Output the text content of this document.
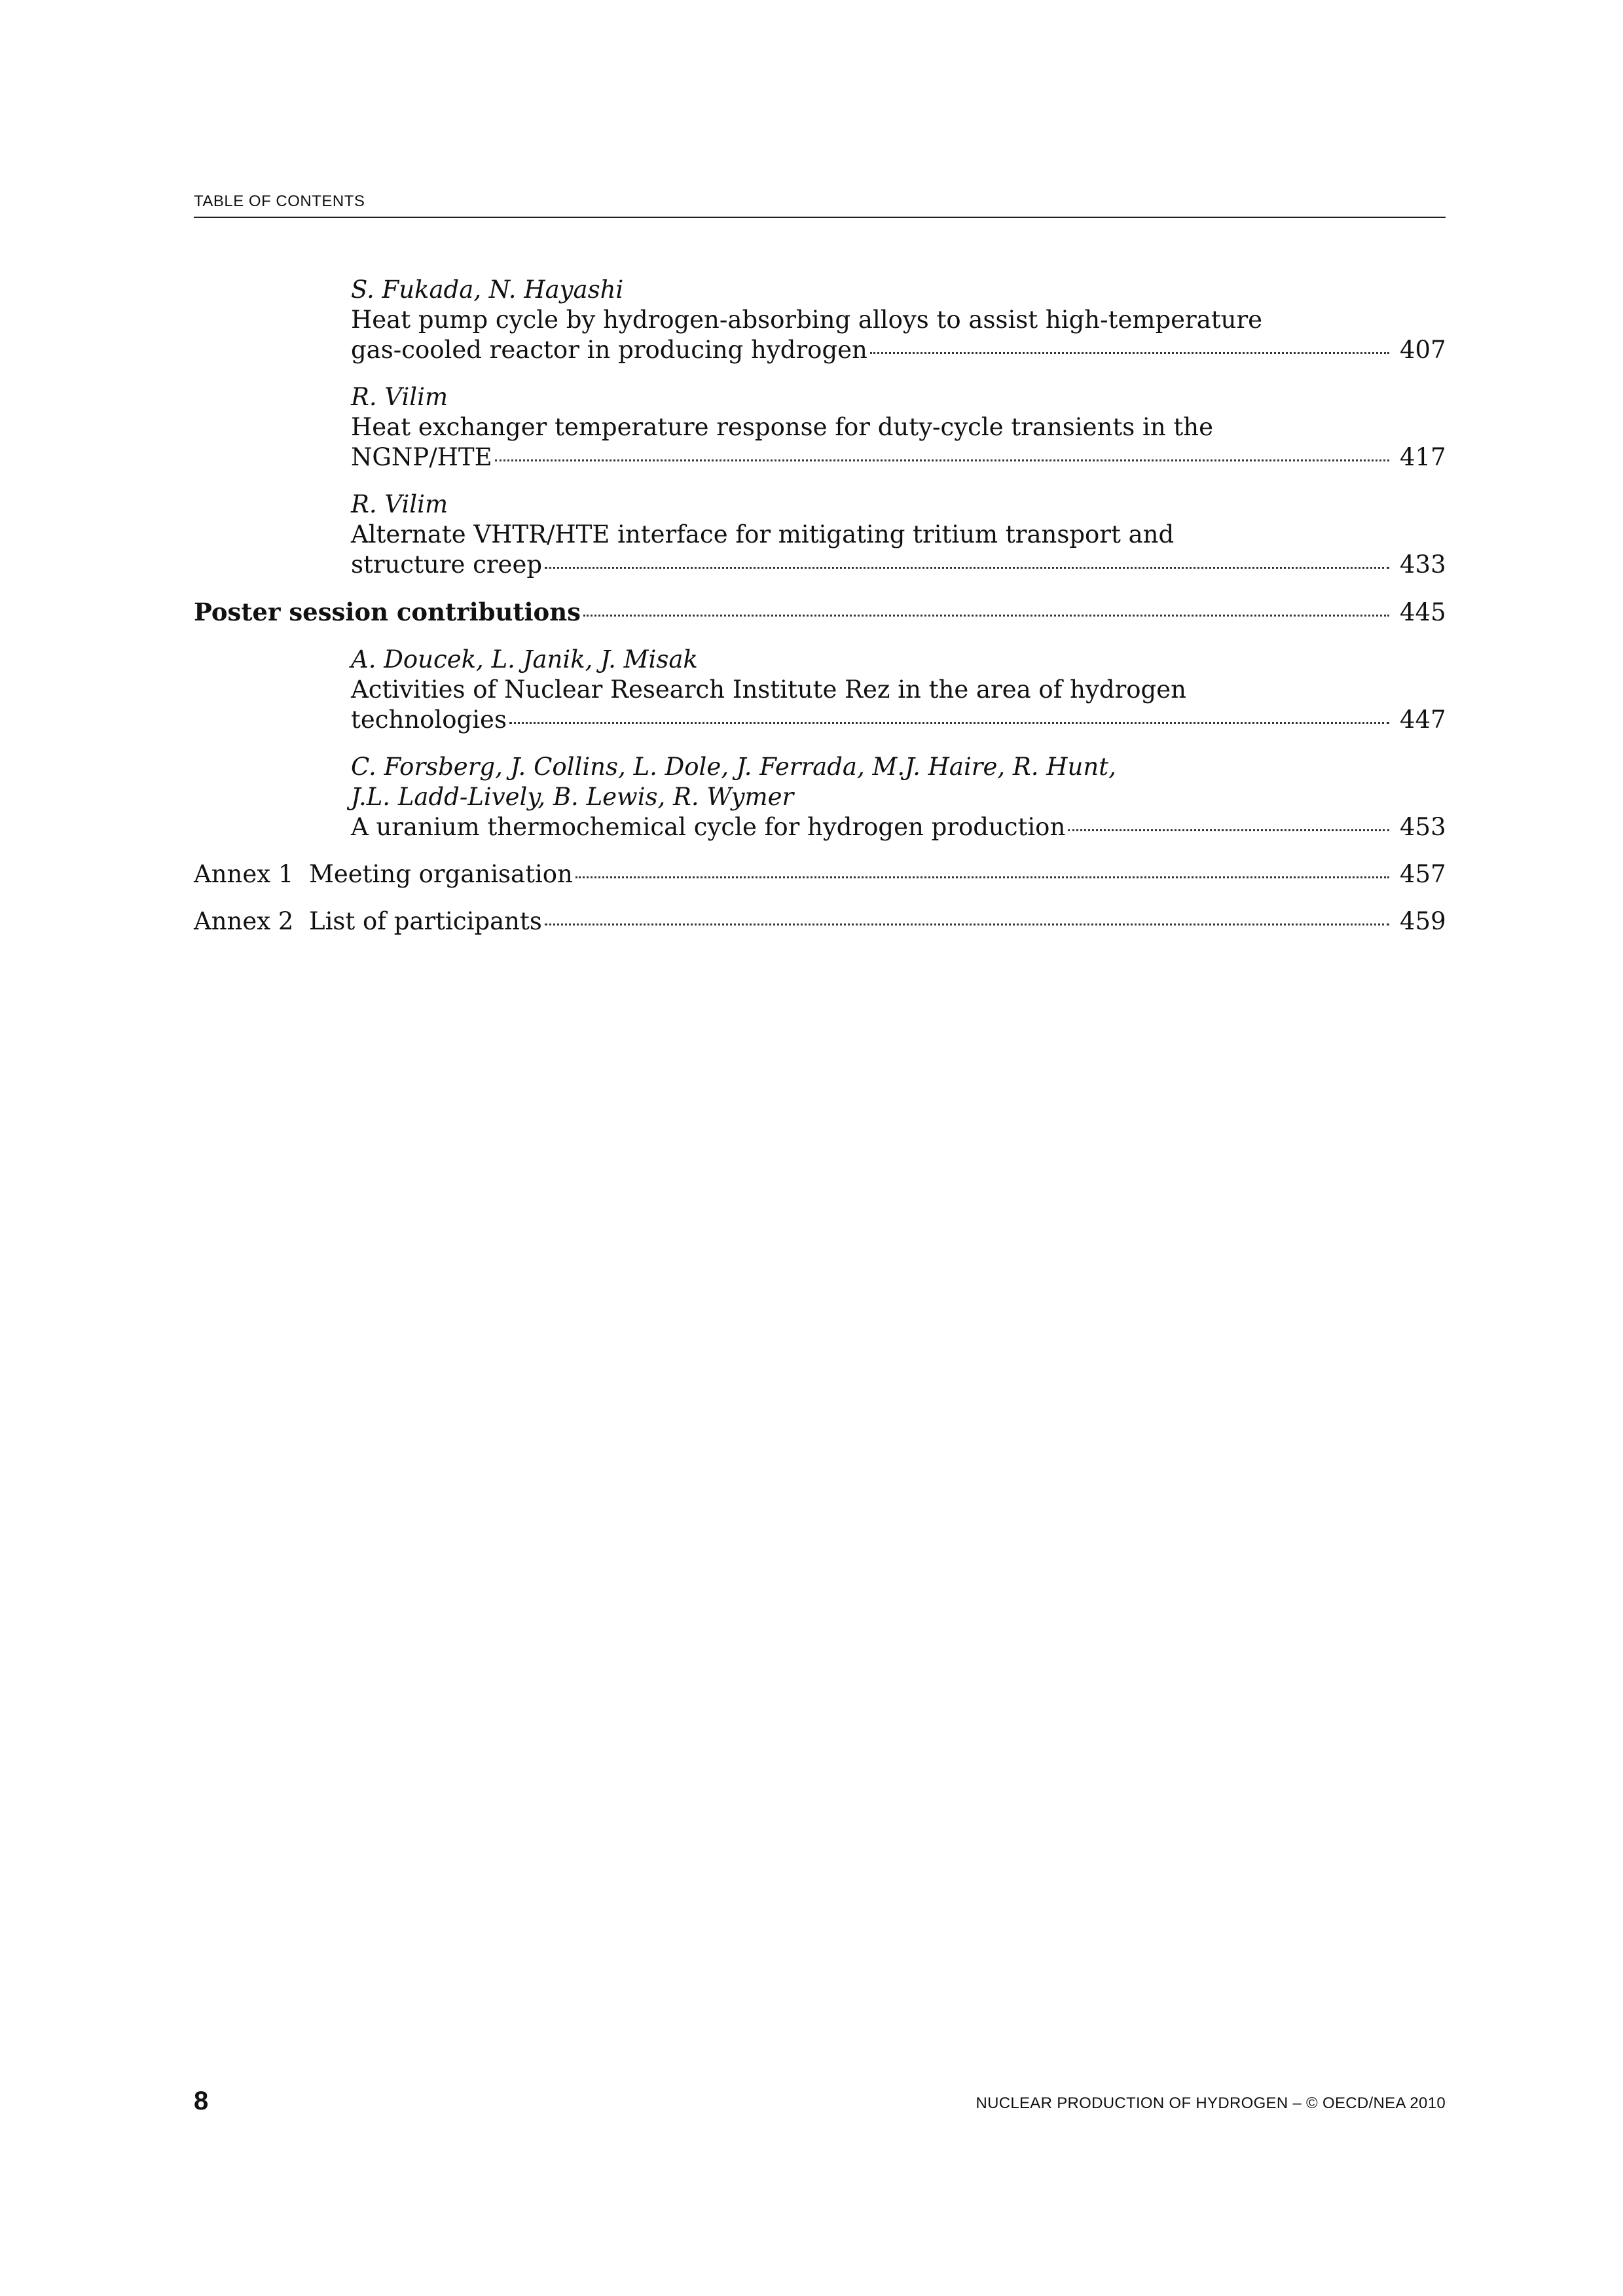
TABLE OF CONTENTS
S. Fukada, N. Hayashi
Heat pump cycle by hydrogen-absorbing alloys to assist high-temperature
gas-cooled reactor in producing hydrogen	407
R. Vilim
Heat exchanger temperature response for duty-cycle transients in the
NGNP/HTE	417
R. Vilim
Alternate VHTR/HTE interface for mitigating tritium transport and
structure creep	433
Poster session contributions	445
A. Doucek, L. Janik, J. Misak
Activities of Nuclear Research Institute Rez in the area of hydrogen
technologies	447
C. Forsberg, J. Collins, L. Dole, J. Ferrada, M.J. Haire, R. Hunt,
J.L. Ladd-Lively, B. Lewis, R. Wymer
A uranium thermochemical cycle for hydrogen production	453
Annex 1 Meeting organisation	457
Annex 2 List of participants	459
8	NUCLEAR PRODUCTION OF HYDROGEN – © OECD/NEA 2010
